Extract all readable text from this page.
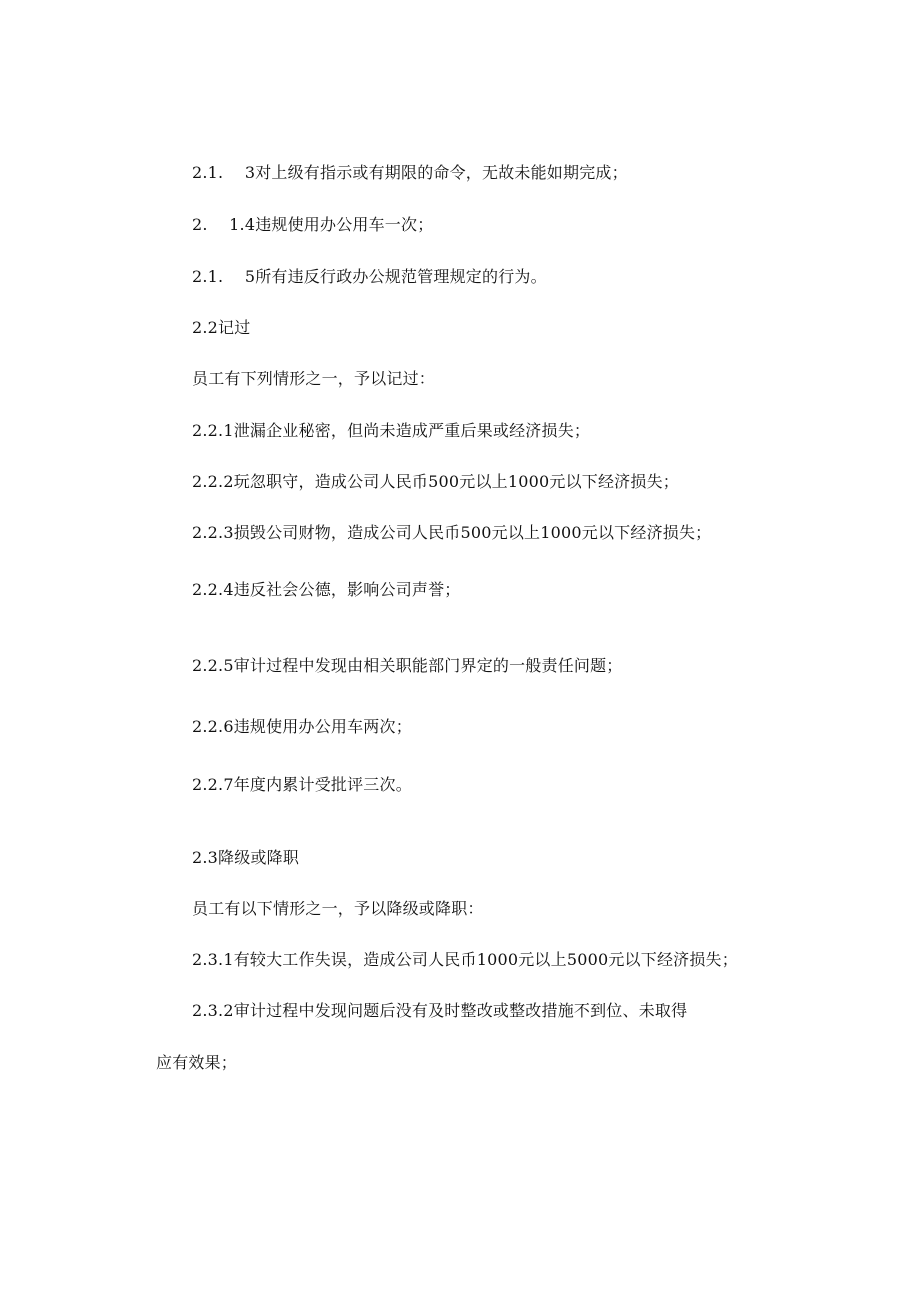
2.1.　 3对上级有指示或有期限的命令，无故未能如期完成；
2.　 1.4违规使用办公用车一次；
2.1.　 5所有违反行政办公规范管理规定的行为。
2.2记过
员工有下列情形之一，予以记过：
2.2.1泄漏企业秘密，但尚未造成严重后果或经济损失；
2.2.2玩忽职守，造成公司人民币500元以上1000元以下经济损失；
2.2.3损毁公司财物，造成公司人民币500元以上1000元以下经济损失；
2.2.4违反社会公德，影响公司声誉；
2.2.5审计过程中发现由相关职能部门界定的一般责任问题；
2.2.6违规使用办公用车两次；
2.2.7年度内累计受批评三次。
2.3降级或降职
员工有以下情形之一，予以降级或降职：
2.3.1有较大工作失误，造成公司人民币1000元以上5000元以下经济损失；
2.3.2审计过程中发现问题后没有及时整改或整改措施不到位、未取得
应有效果；
